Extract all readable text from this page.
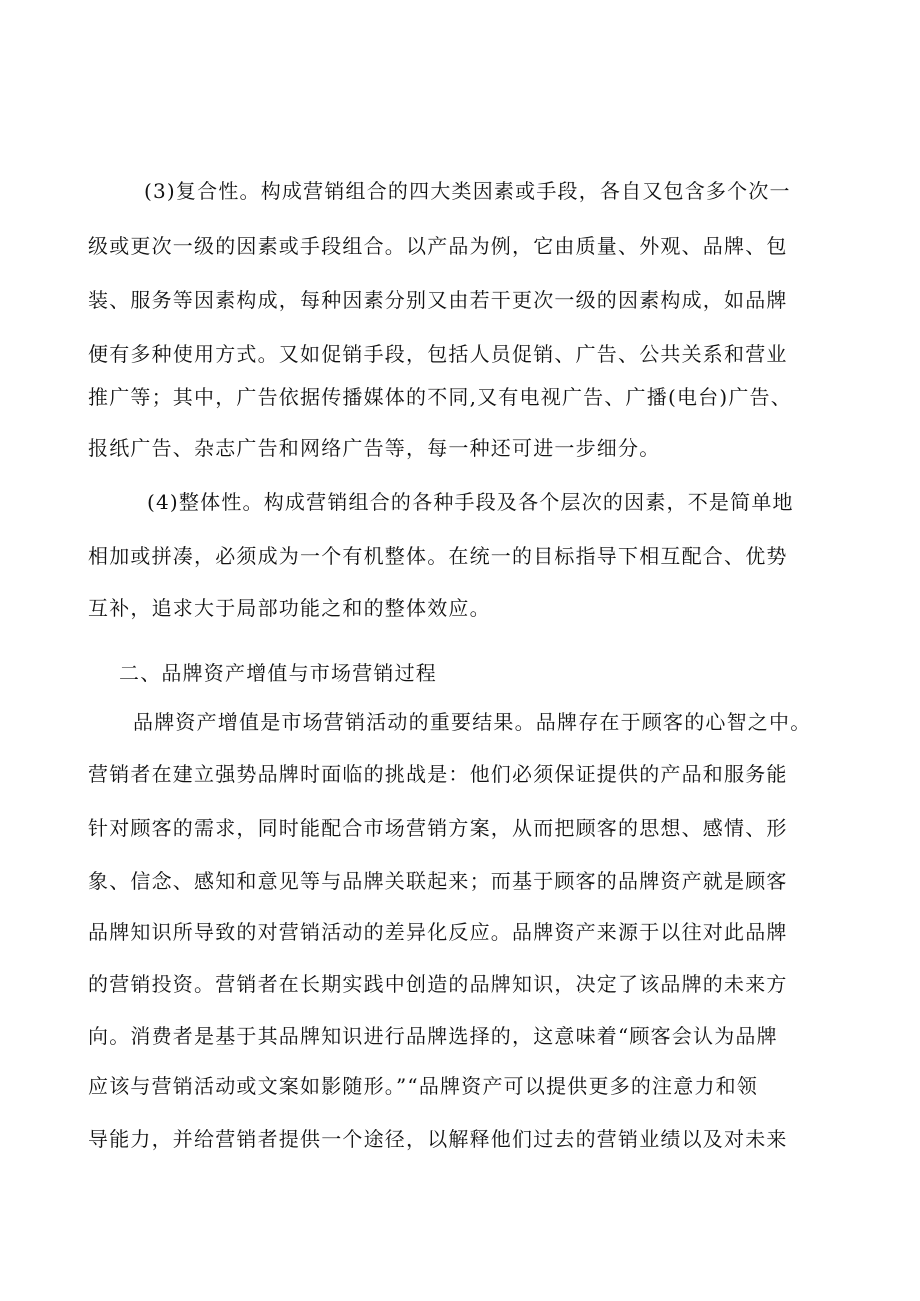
(3)复合性。构成营销组合的四大类因素或手段，各自又包含多个次一
级或更次一级的因素或手段组合。以产品为例，它由质量、外观、品牌、包
装、服务等因素构成，每种因素分别又由若干更次一级的因素构成，如品牌
便有多种使用方式。又如促销手段，包括人员促销、广告、公共关系和营业
推广等；其中，广告依据传播媒体的不同,又有电视广告、广播(电台)广告、
报纸广告、杂志广告和网络广告等，每一种还可进一步细分。
(4)整体性。构成营销组合的各种手段及各个层次的因素，不是简单地
相加或拼凑，必须成为一个有机整体。在统一的目标指导下相互配合、优势
互补，追求大于局部功能之和的整体效应。
二、品牌资产增值与市场营销过程
品牌资产增值是市场营销活动的重要结果。品牌存在于顾客的心智之中。
营销者在建立强势品牌时面临的挑战是：他们必须保证提供的产品和服务能
针对顾客的需求，同时能配合市场营销方案，从而把顾客的思想、感情、形
象、信念、感知和意见等与品牌关联起来；而基于顾客的品牌资产就是顾客
品牌知识所导致的对营销活动的差异化反应。品牌资产来源于以往对此品牌
的营销投资。营销者在长期实践中创造的品牌知识，决定了该品牌的未来方
向。消费者是基于其品牌知识进行品牌选择的，这意味着“顾客会认为品牌
应该与营销活动或文案如影随形。”“品牌资产可以提供更多的注意力和领
导能力，并给营销者提供一个途径，以解释他们过去的营销业绩以及对未来
